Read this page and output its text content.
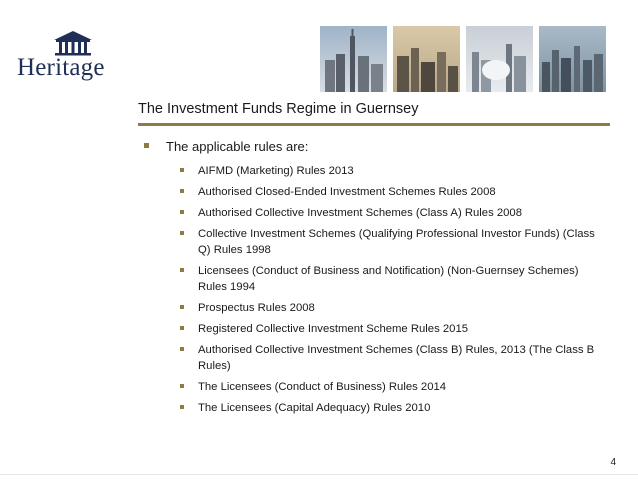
Heritage
The Investment Funds Regime in Guernsey
The applicable rules are:
AIFMD (Marketing) Rules 2013
Authorised Closed-Ended Investment Schemes Rules 2008
Authorised Collective Investment Schemes (Class A) Rules 2008
Collective Investment Schemes (Qualifying Professional Investor Funds) (Class Q) Rules 1998
Licensees (Conduct of Business and Notification) (Non-Guernsey Schemes) Rules 1994
Prospectus Rules 2008
Registered Collective Investment Scheme Rules 2015
Authorised Collective Investment Schemes (Class B) Rules, 2013 (The Class B Rules)
The Licensees (Conduct of Business) Rules 2014
The Licensees (Capital Adequacy) Rules 2010
4
